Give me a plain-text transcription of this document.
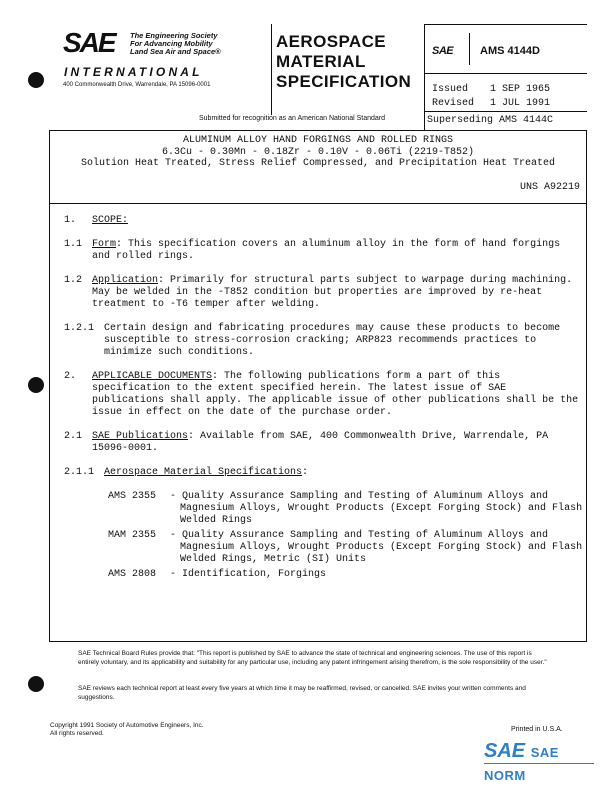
SAE The Engineering Society
For Advancing Mobility
Land Sea Air and Space®
INTERNATIONAL
400 Commonwealth Drive, Warrendale, PA 15096-0001
AEROSPACE
MATERIAL
SPECIFICATION
Submitted for recognition as an American National Standard
SAE AMS 4144D
Issued 1 SEP 1965
Revised 1 JUL 1991
Superseding AMS 4144C
ALUMINUM ALLOY HAND FORGINGS AND ROLLED RINGS
6.3Cu - 0.30Mn - 0.18Zr - 0.10V - 0.06Ti (2219-T852)
Solution Heat Treated, Stress Relief Compressed, and Precipitation Heat Treated
UNS A92219
1. SCOPE:
1.1 Form: This specification covers an aluminum alloy in the form of hand forgings and rolled rings.
1.2 Application: Primarily for structural parts subject to warpage during machining. May be welded in the -T852 condition but properties are improved by re-heat treatment to -T6 temper after welding.
1.2.1 Certain design and fabricating procedures may cause these products to become susceptible to stress-corrosion cracking; ARP823 recommends practices to minimize such conditions.
2. APPLICABLE DOCUMENTS: The following publications form a part of this specification to the extent specified herein. The latest issue of SAE publications shall apply. The applicable issue of other publications shall be the issue in effect on the date of the purchase order.
2.1 SAE Publications: Available from SAE, 400 Commonwealth Drive, Warrendale, PA 15096-0001.
2.1.1 Aerospace Material Specifications:
AMS 2355	- Quality Assurance Sampling and Testing of Aluminum Alloys and Magnesium Alloys, Wrought Products (Except Forging Stock) and Flash Welded Rings
MAM 2355	- Quality Assurance Sampling and Testing of Aluminum Alloys and Magnesium Alloys, Wrought Products (Except Forging Stock) and Flash Welded Rings, Metric (SI) Units
AMS 2808	- Identification, Forgings
SAE Technical Board Rules provide that: "This report is published by SAE to advance the state of technical and engineering sciences. The use of this report is entirely voluntary, and its applicability and suitability for any particular use, including any patent infringement arising therefrom, is the sole responsibility of the user."
SAE reviews each technical report at least every five years at which time it may be reaffirmed, revised, or cancelled. SAE invites your written comments and suggestions.
Copyright 1991 Society of Automotive Engineers, Inc.
All rights reserved.
Printed in U.S.A.
SAE SAE NORM
